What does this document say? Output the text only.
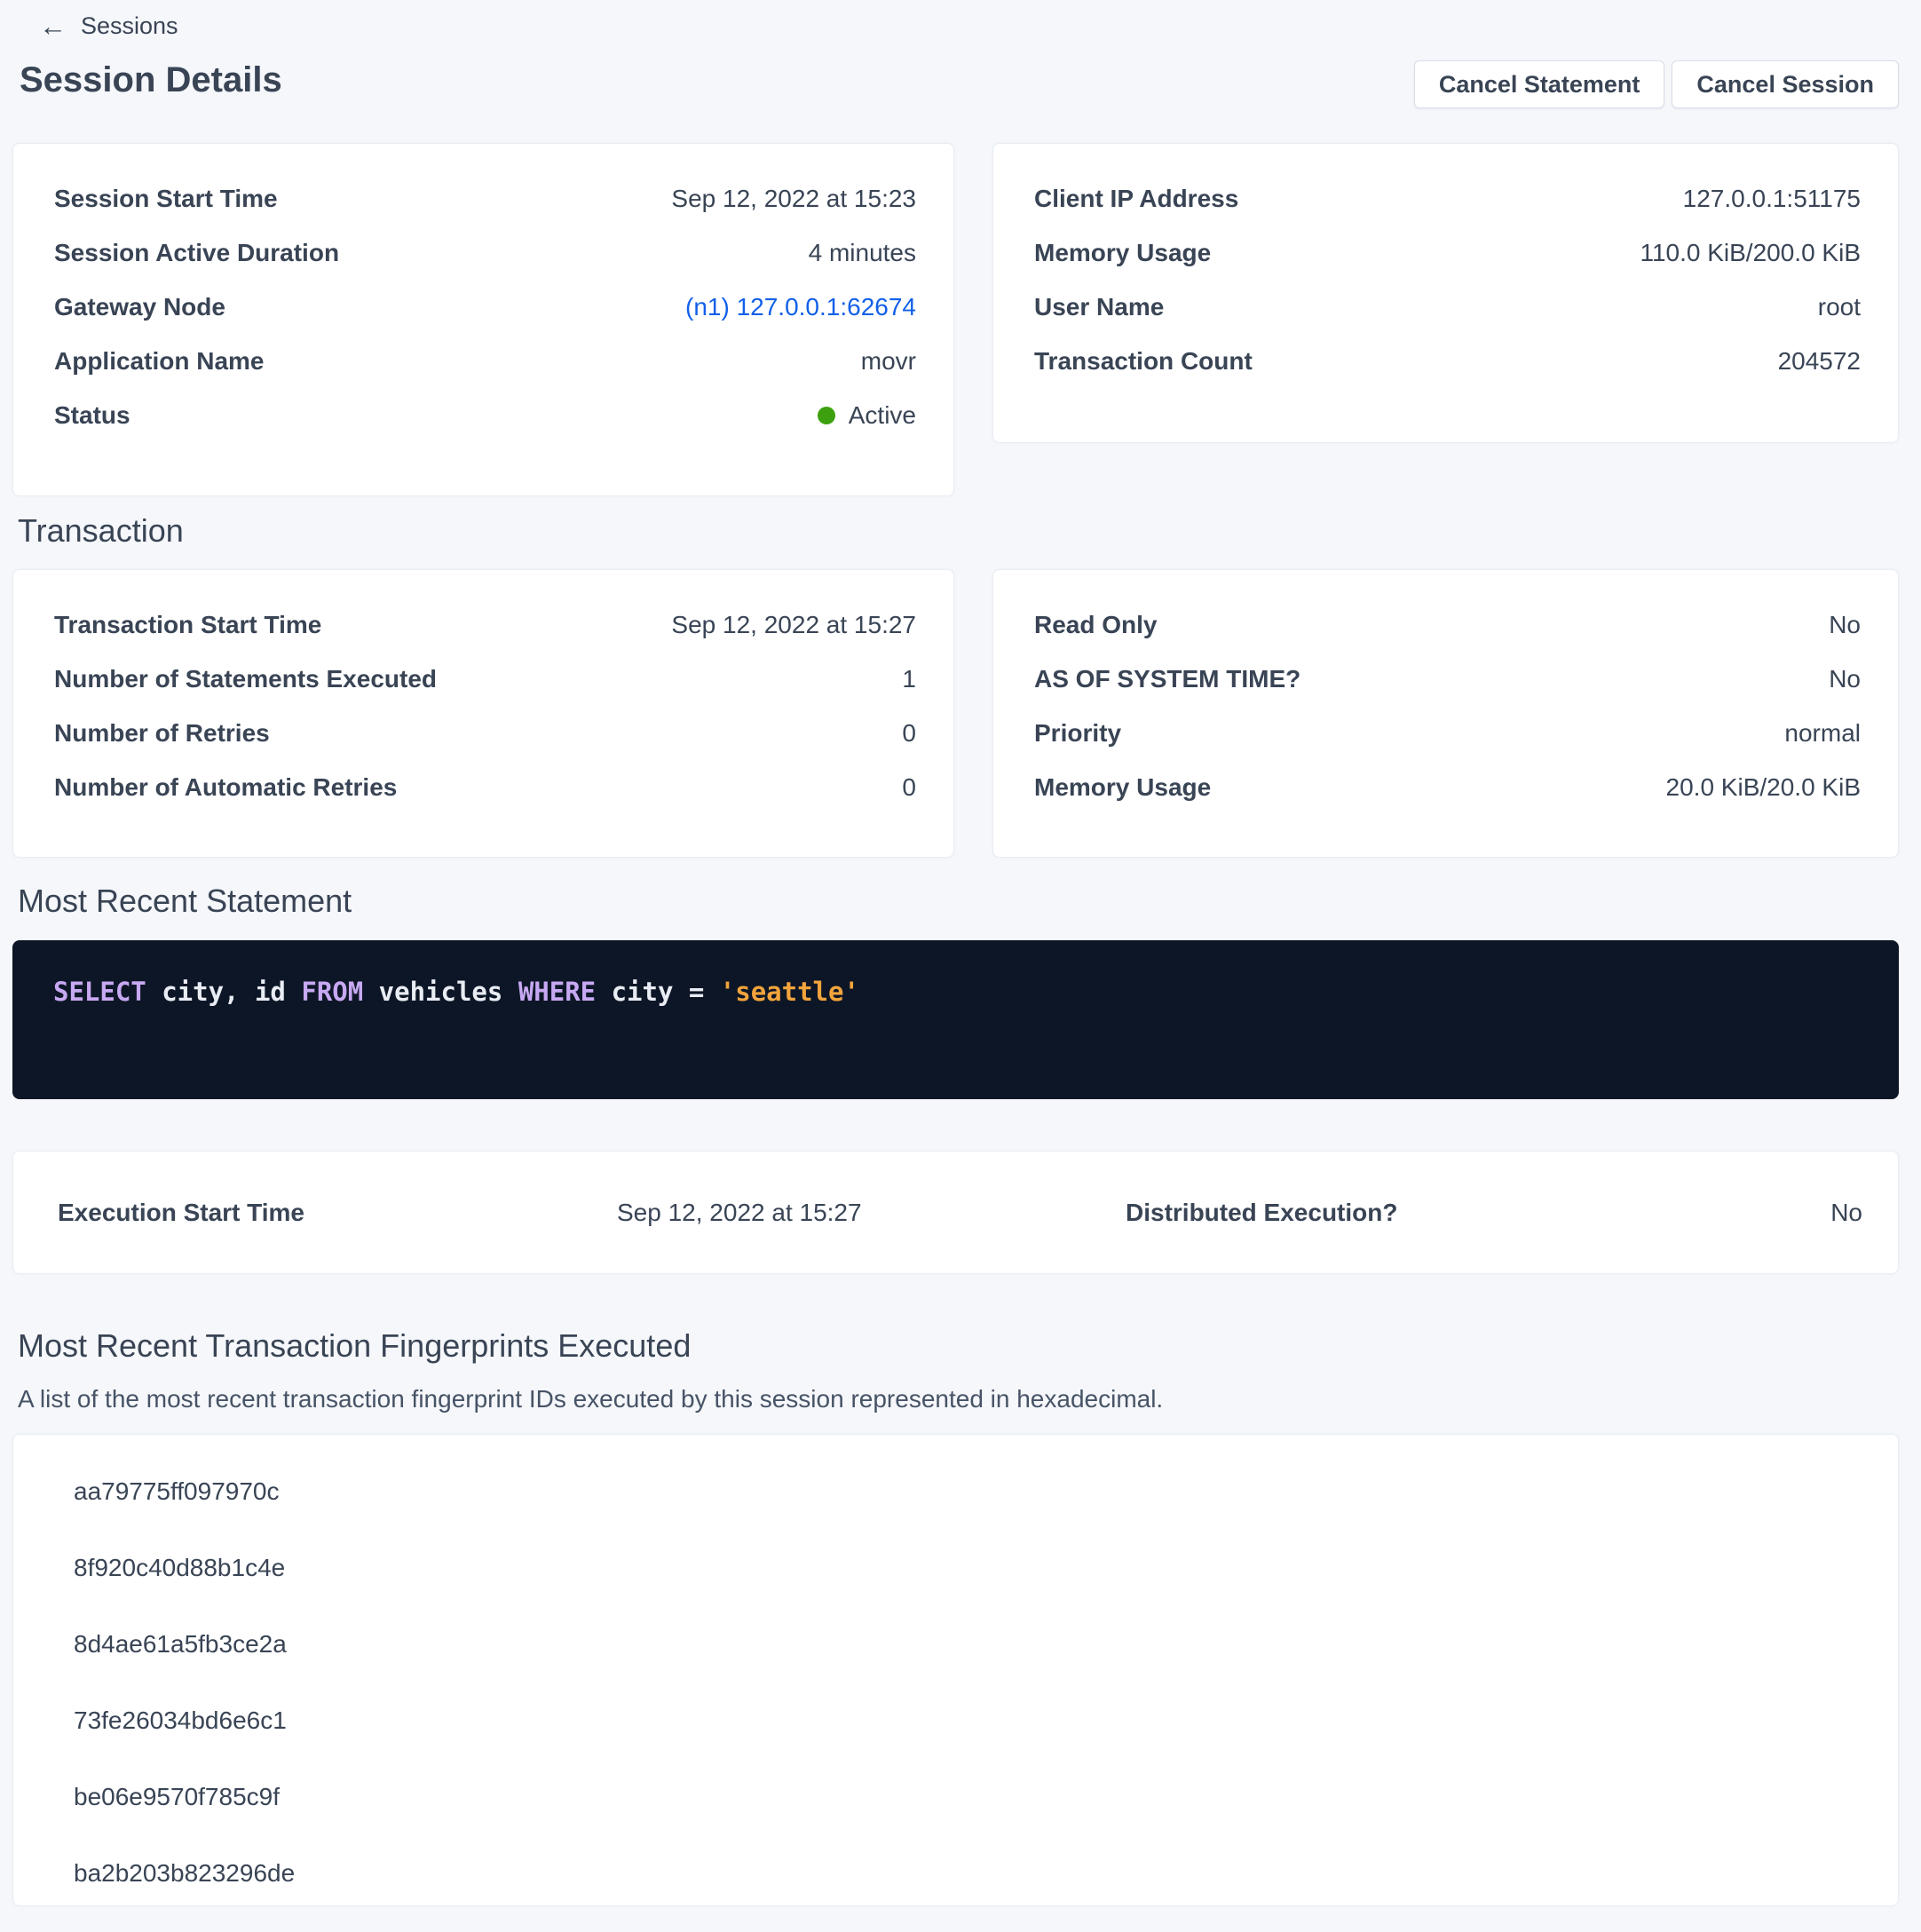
←
Sessions
Session Details	Cancel Statement	Cancel Session
Session Start Time	Sep 12, 2022 at 15:23
Session Active Duration	4 minutes
Gateway Node	(n1) 127.0.0.1:62674
Application Name	movr
Status	Active
Client IP Address	127.0.0.1:51175
Memory Usage	110.0 KiB/200.0 KiB
User Name	root
Transaction Count	204572
Transaction
Transaction Start Time	Sep 12, 2022 at 15:27
Number of Statements Executed	1
Number of Retries	0
Number of Automatic Retries	0
Read Only	No
AS OF SYSTEM TIME?	No
Priority	normal
Memory Usage	20.0 KiB/20.0 KiB
Most Recent Statement
SELECT city, id FROM vehicles WHERE city = 'seattle'
Execution Start Time	Sep 12, 2022 at 15:27	Distributed Execution?	No
Most Recent Transaction Fingerprints Executed
A list of the most recent transaction fingerprint IDs executed by this session represented in hexadecimal.
aa79775ff097970c
8f920c40d88b1c4e
8d4ae61a5fb3ce2a
73fe26034bd6e6c1
be06e9570f785c9f
ba2b203b823296de
